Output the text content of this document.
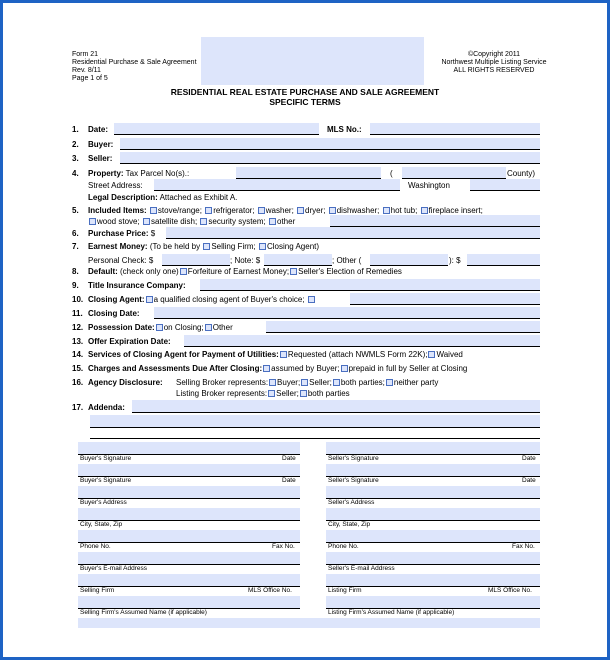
Form 21
Residential Purchase & Sale Agreement
Rev. 8/11
Page 1 of 5
©Copyright 2011
Northwest Multiple Listing Service
ALL RIGHTS RESERVED
RESIDENTIAL REAL ESTATE PURCHASE AND SALE AGREEMENT
SPECIFIC TERMS
1. Date:	MLS No.:
2. Buyer:
3. Seller:
4. Property: Tax Parcel No(s).:	(	County)
Street Address:	Washington
Legal Description: Attached as Exhibit A.
5. Included Items: stove/range; refrigerator; washer; dryer; dishwasher; hot tub; fireplace insert;
wood stove; satellite dish; security system; other
6. Purchase Price: $
7. Earnest Money: (To be held by Selling Firm; Closing Agent)
Personal Check: $	; Note: $	; Other (	): $
8. Default: (check only one) Forfeiture of Earnest Money; Seller's Election of Remedies
9. Title Insurance Company:
10. Closing Agent: a qualified closing agent of Buyer's choice;
11. Closing Date:
12. Possession Date: on Closing; Other
13. Offer Expiration Date:
14. Services of Closing Agent for Payment of Utilities: Requested (attach NWMLS Form 22K); Waived
15. Charges and Assessments Due After Closing: assumed by Buyer; prepaid in full by Seller at Closing
16. Agency Disclosure: Selling Broker represents: Buyer; Seller; both parties; neither party
Listing Broker represents: Seller; both parties
17. Addenda:
Buyer's Signature	Date	Seller's Signature	Date
Buyer's Signature	Date	Seller's Signature	Date
Buyer's Address	Seller's Address
City, State, Zip	City, State, Zip
Phone No.	Fax No.	Phone No.	Fax No.
Buyer's E-mail Address	Seller's E-mail Address
Selling Firm	MLS Office No.	Listing Firm	MLS Office No.
Selling Firm's Assumed Name (if applicable)	Listing Firm's Assumed Name (if applicable)
